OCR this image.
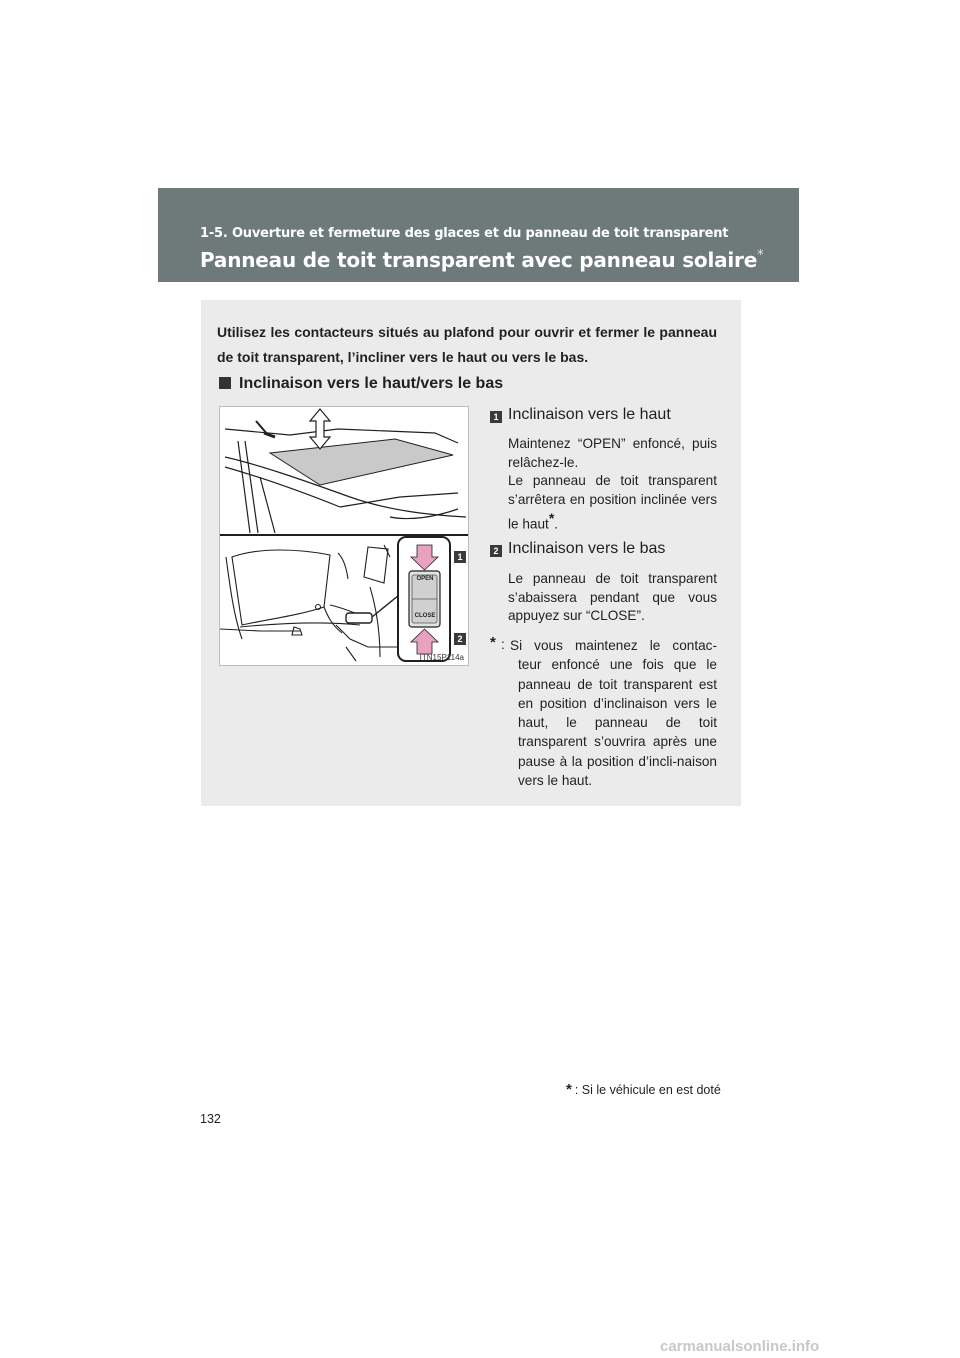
1-5. Ouverture et fermeture des glaces et du panneau de toit transparent
Panneau de toit transparent avec panneau solaire*
Utilisez les contacteurs situés au plafond pour ouvrir et fermer le panneau de toit transparent, l’incliner vers le haut ou vers le bas.
Inclinaison vers le haut/vers le bas
OPEN
CLOSE
1
2
ITN15P114a
1 Inclinaison vers le haut
Maintenez “OPEN” enfoncé, puis relâchez-le.
Le panneau de toit transparent s’arrêtera en position inclinée vers le haut*.
2 Inclinaison vers le bas
Le panneau de toit transparent s’abaissera pendant que vous appuyez sur “CLOSE”.
* : Si vous maintenez le contac-
teur enfoncé une fois que le panneau de toit transparent est en position d’inclinaison vers le haut, le panneau de toit transparent s’ouvrira après une pause à la position d’incli-naison vers le haut.
* : Si le véhicule en est doté
132
carmanualsonline.info
